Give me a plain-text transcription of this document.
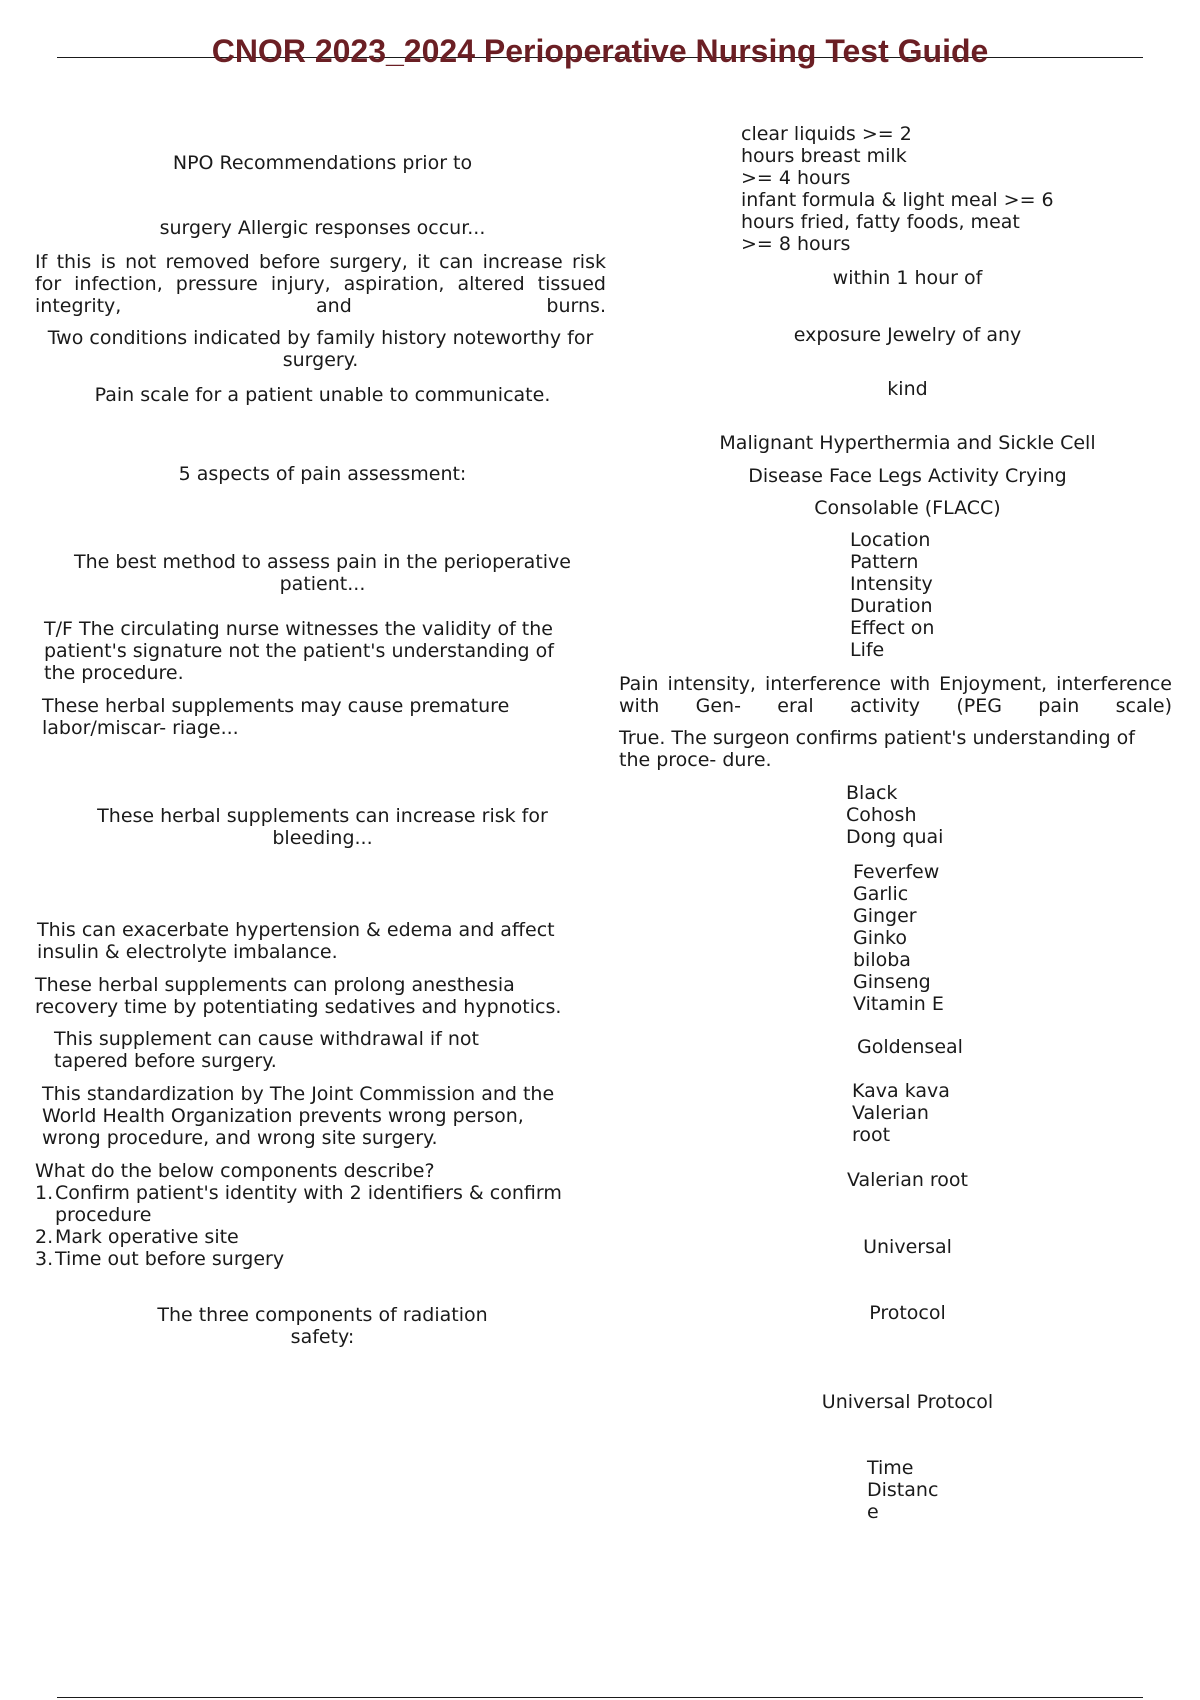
CNOR 2023_2024 Perioperative Nursing Test Guide
NPO Recommendations prior to
surgery Allergic responses occur...
If this is not removed before surgery, it can increase risk
for infection, pressure injury, aspiration, altered tissued
integrity, and burns.
Two conditions indicated by family history noteworthy for
surgery.
Pain scale for a patient unable to communicate.
5 aspects of pain assessment:
The best method to assess pain in the perioperative
patient...
T/F The circulating nurse witnesses the validity of the
patient's signature not the patient's understanding of
the procedure.
These herbal supplements may cause premature
labor/miscar- riage...
These herbal supplements can increase risk for
bleeding...
This can exacerbate hypertension & edema and affect
insulin & electrolyte imbalance.
These herbal supplements can prolong anesthesia
recovery time by potentiating sedatives and hypnotics.
This supplement can cause withdrawal if not
tapered before surgery.
This standardization by The Joint Commission and the
World Health Organization prevents wrong person,
wrong procedure, and wrong site surgery.
What do the below components describe?
1. Confirm patient's identity with 2 identifiers & confirm procedure
2. Mark operative site
3. Time out before surgery
The three components of radiation
safety:
clear liquids >= 2
hours breast milk
>= 4 hours
infant formula & light meal >= 6
hours fried, fatty foods, meat
>= 8 hours
within 1 hour of
exposure Jewelry of any
kind
Malignant Hyperthermia and Sickle Cell
Disease Face Legs Activity Crying
Consolable (FLACC)
Location
Pattern
Intensity
Duration
Effect on
Life
Pain intensity, interference with Enjoyment, interference
with Gen- eral activity (PEG pain scale)
True. The surgeon confirms patient's understanding of
the proce- dure.
Black
Cohosh
Dong quai
Feverfew
Garlic
Ginger
Ginko
biloba
Ginseng
Vitamin E
Goldenseal
Kava kava
Valerian
root
Valerian root
Universal
Protocol
Universal Protocol
Time
Distanc
e
